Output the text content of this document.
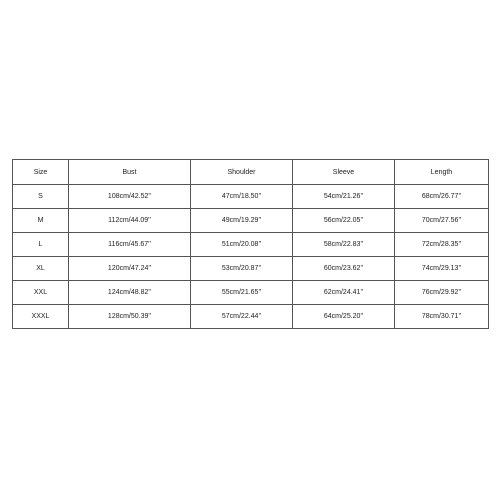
Size	Bust	Shoulder	Sleeve	Length
S	108cm/42.52''	47cm/18.50''	54cm/21.26''	68cm/26.77''
M	112cm/44.09''	49cm/19.29''	56cm/22.05''	70cm/27.56''
L	116cm/45.67''	51cm/20.08''	58cm/22.83''	72cm/28.35''
XL	120cm/47.24''	53cm/20.87''	60cm/23.62''	74cm/29.13''
XXL	124cm/48.82''	55cm/21.65''	62cm/24.41''	76cm/29.92''
XXXL	128cm/50.39''	57cm/22.44''	64cm/25.20''	78cm/30.71''
